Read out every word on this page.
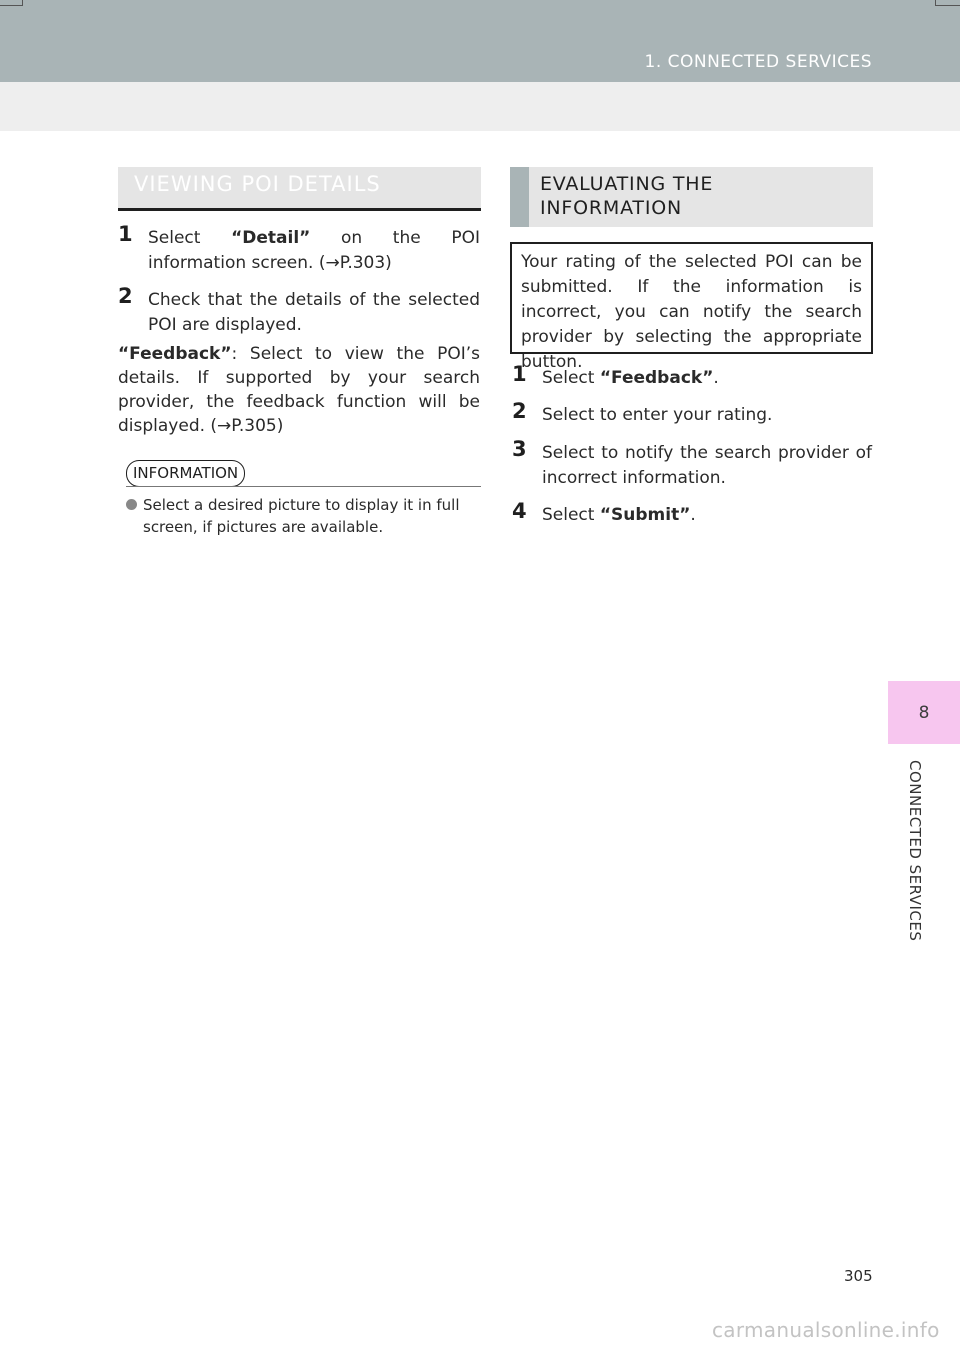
1. CONNECTED SERVICES
8
CONNECTED SERVICES
VIEWING POI DETAILS
1 Select “Detail” on the POI information screen. (→P.303)
2 Check that the details of the selected POI are displayed.
“Feedback”: Select to view the POI’s details. If supported by your search provider, the feedback function will be displayed. (→P.305)
INFORMATION
Select a desired picture to display it in full screen, if pictures are available.
EVALUATING THE
INFORMATION
Your rating of the selected POI can be submitted. If the information is incorrect, you can notify the search provider by selecting the appropriate button.
1 Select “Feedback”.
2 Select to enter your rating.
3 Select to notify the search provider of incorrect information.
4 Select “Submit”.
305
carmanualsonline.info
